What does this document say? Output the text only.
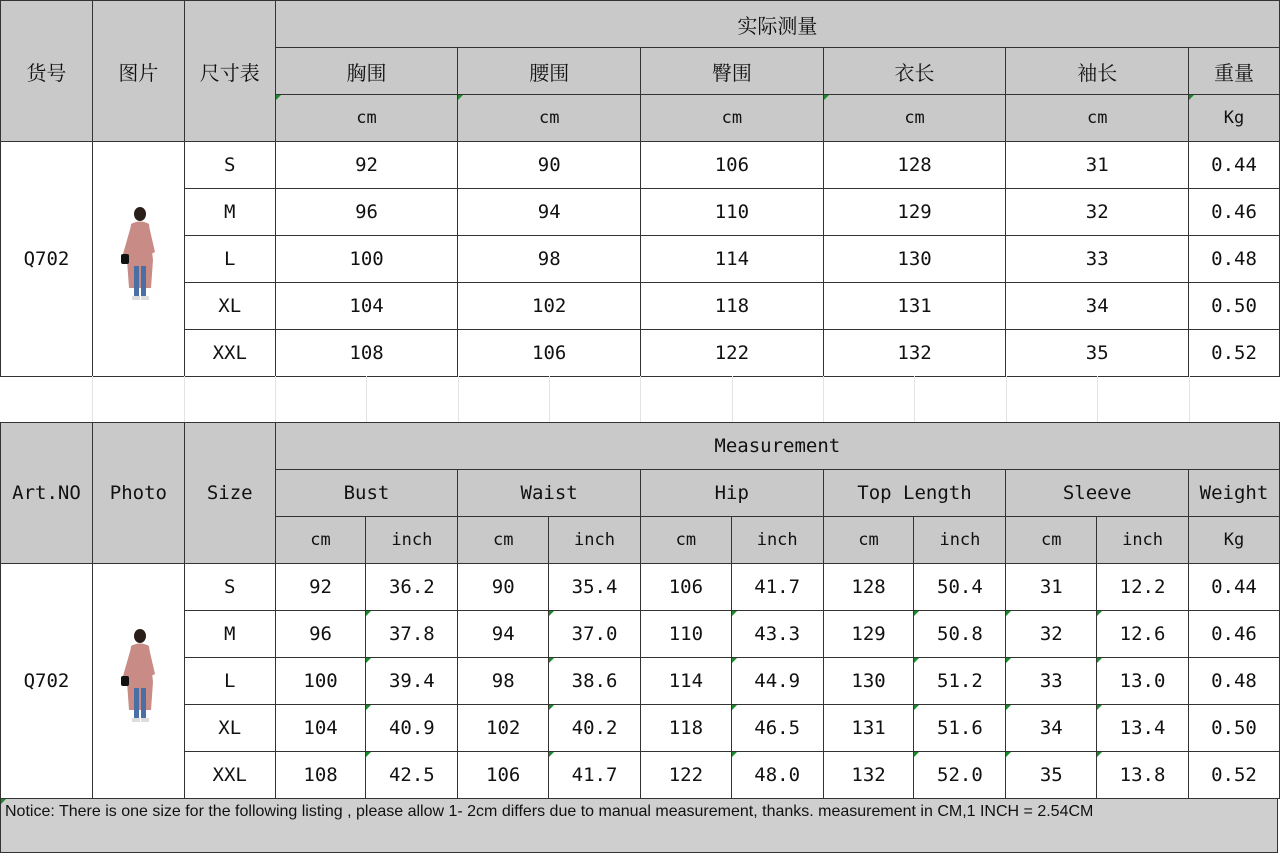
货号	图片	尺寸表	实际测量					
			胸围	腰围	臀围	衣长	袖长	重量
			cm	cm	cm	cm	cm	Kg
Q702		S	92	90	106	128	31	0.44
		M	96	94	110	129	32	0.46
		L	100	98	114	130	33	0.48
		XL	104	102	118	131	34	0.50
		XXL	108	106	122	132	35	0.52
Art.NO	Photo	Size	Measurement										
			Bust		Waist		Hip		Top Length		Sleeve		Weight
			cm	inch	cm	inch	cm	inch	cm	inch	cm	inch	Kg
Q702		S	92	36.2	90	35.4	106	41.7	128	50.4	31	12.2	0.44
		M	96	37.8	94	37.0	110	43.3	129	50.8	32	12.6	0.46
		L	100	39.4	98	38.6	114	44.9	130	51.2	33	13.0	0.48
		XL	104	40.9	102	40.2	118	46.5	131	51.6	34	13.4	0.50
		XXL	108	42.5	106	41.7	122	48.0	132	52.0	35	13.8	0.52
Notice: There is one size for the following listing , please allow 1- 2cm differs due to manual measurement, thanks. measurement in CM,1 INCH = 2.54CM
